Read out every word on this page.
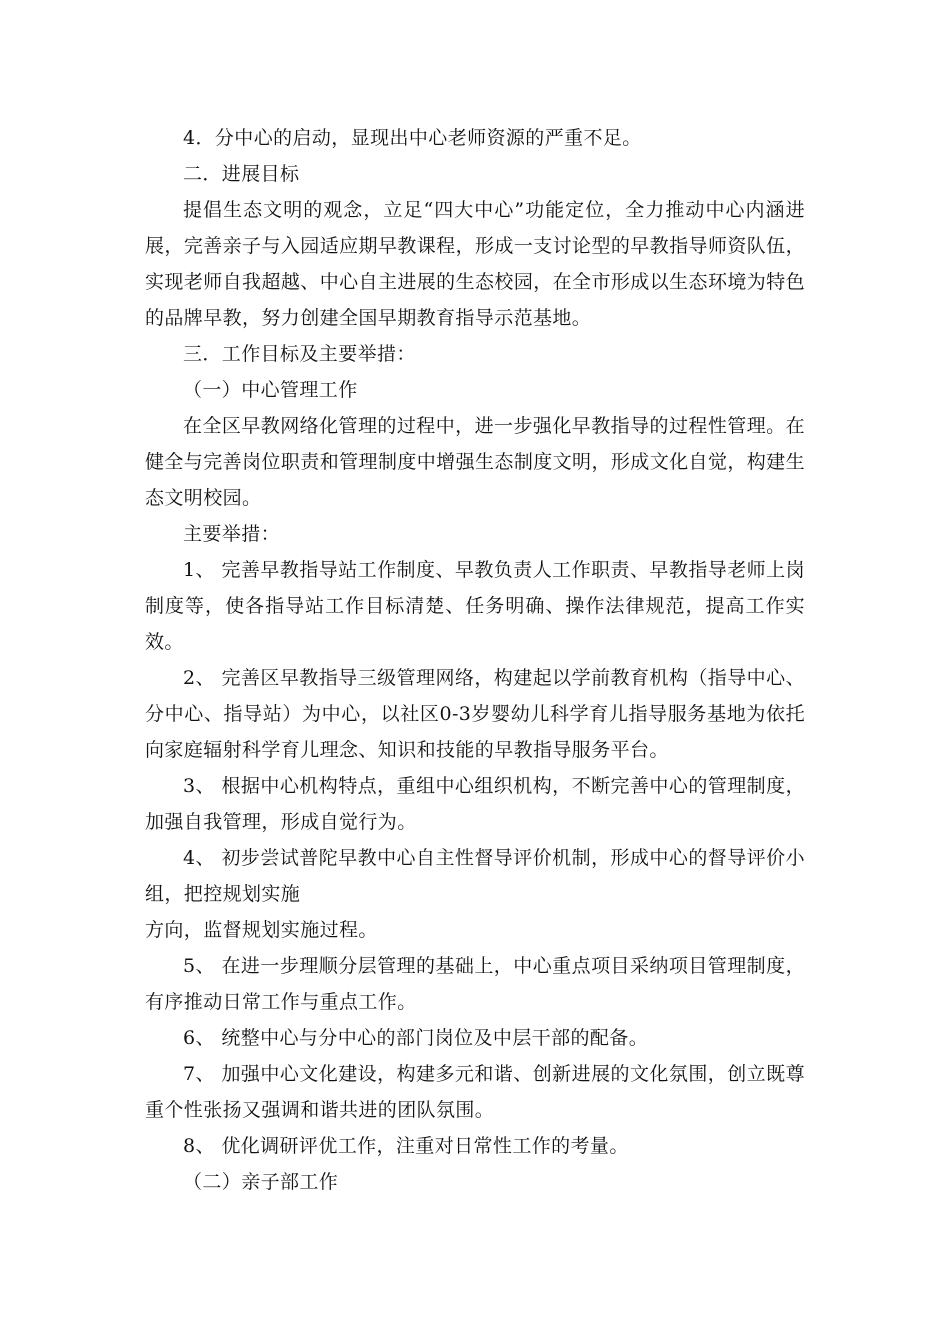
4．分中心的启动，显现出中心老师资源的严重不足。

二．进展目标

提倡生态文明的观念，立足“四大中心”功能定位，全力推动中心内涵进展，完善亲子与入园适应期早教课程，形成一支讨论型的早教指导师资队伍，实现老师自我超越、中心自主进展的生态校园，在全市形成以生态环境为特色的品牌早教，努力创建全国早期教育指导示范基地。

三．工作目标及主要举措：

（一）中心管理工作

在全区早教网络化管理的过程中，进一步强化早教指导的过程性管理。在健全与完善岗位职责和管理制度中增强生态制度文明，形成文化自觉，构建生态文明校园。

主要举措：

1、 完善早教指导站工作制度、早教负责人工作职责、早教指导老师上岗制度等，使各指导站工作目标清楚、任务明确、操作法律规范，提高工作实效。

2、 完善区早教指导三级管理网络，构建起以学前教育机构（指导中心、分中心、指导站）为中心，以社区0-3岁婴幼儿科学育儿指导服务基地为依托向家庭辐射科学育儿理念、知识和技能的早教指导服务平台。

3、 根据中心机构特点，重组中心组织机构，不断完善中心的管理制度，加强自我管理，形成自觉行为。

4、 初步尝试普陀早教中心自主性督导评价机制，形成中心的督导评价小组，把控规划实施

方向，监督规划实施过程。

5、 在进一步理顺分层管理的基础上，中心重点项目采纳项目管理制度，有序推动日常工作与重点工作。

6、 统整中心与分中心的部门岗位及中层干部的配备。

7、 加强中心文化建设，构建多元和谐、创新进展的文化氛围，创立既尊重个性张扬又强调和谐共进的团队氛围。

8、 优化调研评优工作，注重对日常性工作的考量。

（二）亲子部工作
